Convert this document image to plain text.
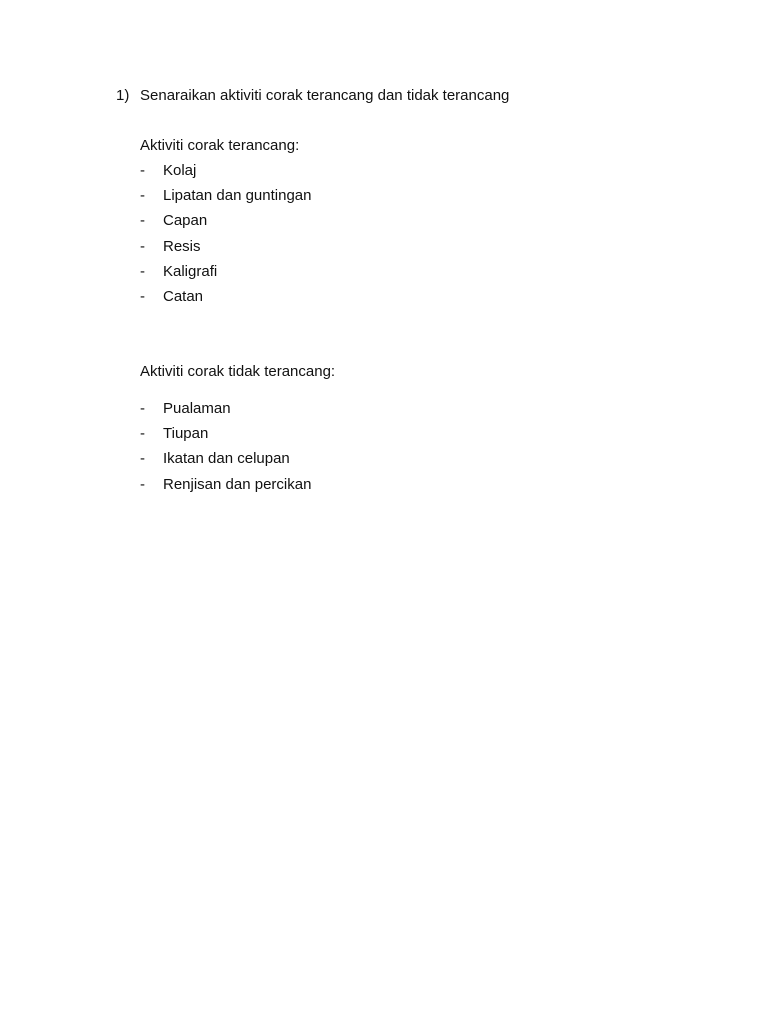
1) Senaraikan aktiviti corak terancang dan tidak terancang
Aktiviti corak terancang:
- Kolaj
- Lipatan dan guntingan
- Capan
- Resis
- Kaligrafi
- Catan
Aktiviti corak tidak terancang:
- Pualaman
- Tiupan
- Ikatan dan celupan
- Renjisan dan percikan
